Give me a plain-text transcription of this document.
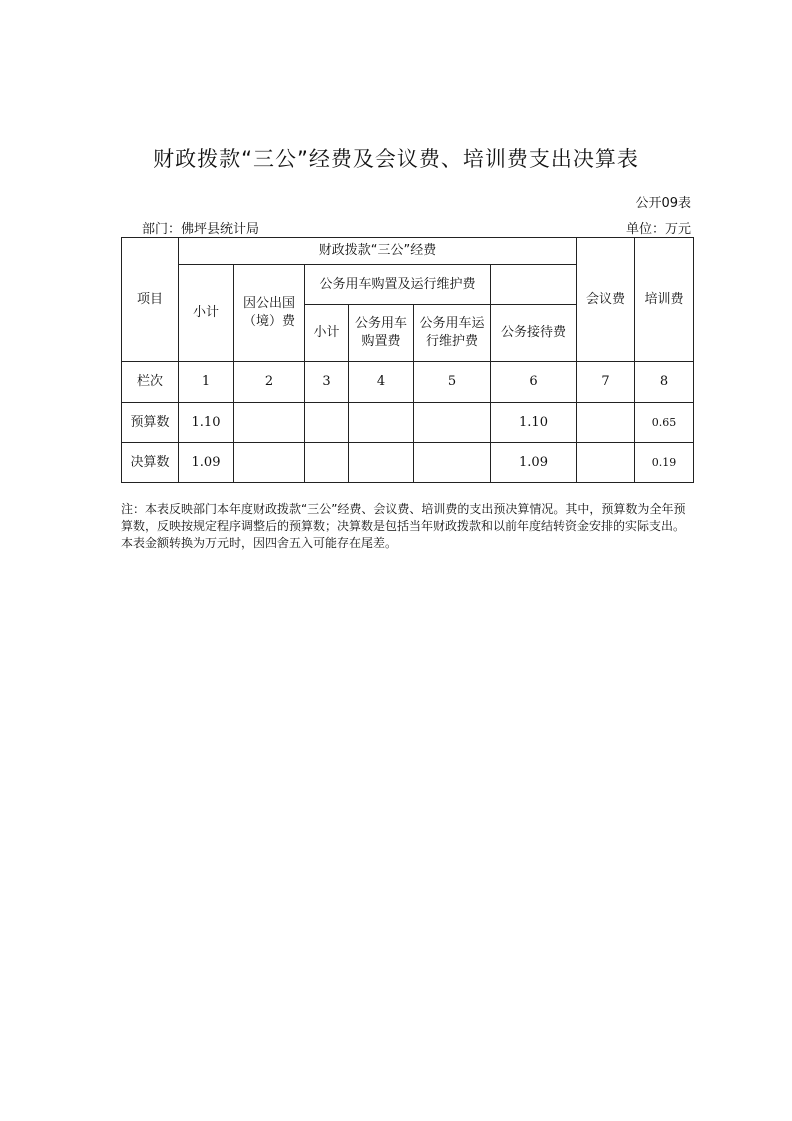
财政拨款“三公”经费及会议费、培训费支出决算表
公开09表
部门：佛坪县统计局	单位：万元
项目	财政拨款“三公”经费						会议费	培训费
	小计	因公出国（境）费	公务用车购置及运行维护费					
			小计	公务用车购置费	公务用车运行维护费	公务接待费		
栏次	1	2	3	4	5	6	7	8
预算数	1.10					1.10		0.65
决算数	1.09					1.09		0.19
注：本表反映部门本年度财政拨款“三公”经费、会议费、培训费的支出预决算情况。其中，预算数为全年预算数，反映按规定程序调整后的预算数；决算数是包括当年财政拨款和以前年度结转资金安排的实际支出。本表金额转换为万元时，因四舍五入可能存在尾差。
